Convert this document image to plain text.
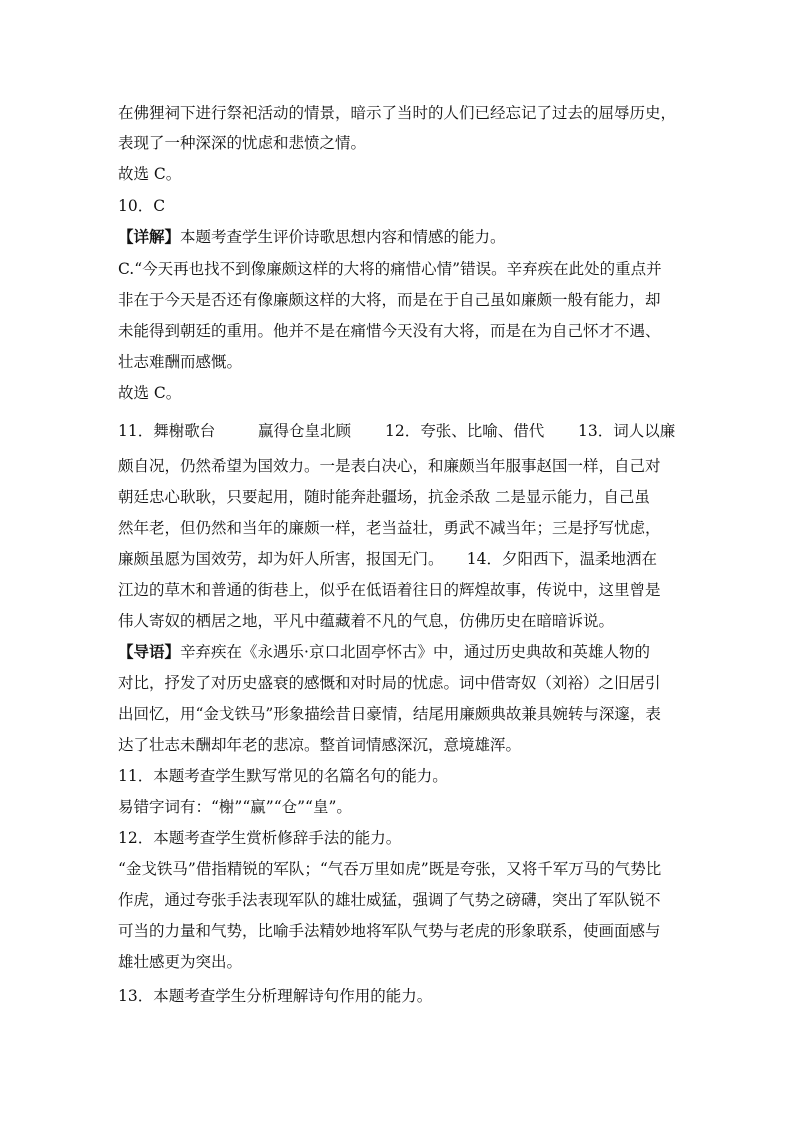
在佛狸祠下进行祭祀活动的情景，暗示了当时的人们已经忘记了过去的屈辱历史，
表现了一种深深的忧虑和悲愤之情。
故选 C。
10．C
【详解】本题考查学生评价诗歌思想内容和情感的能力。
C.“今天再也找不到像廉颇这样的大将的痛惜心情”错误。辛弃疾在此处的重点并
非在于今天是否还有像廉颇这样的大将，而是在于自己虽如廉颇一般有能力，却
未能得到朝廷的重用。他并不是在痛惜今天没有大将，而是在为自己怀才不遇、
壮志难酬而感慨。
故选 C。
11．舞榭歌台	赢得仓皇北顾 12．夸张、比喻、借代 13．词人以廉
颇自况，仍然希望为国效力。一是表白决心，和廉颇当年服事赵国一样，自己对
朝廷忠心耿耿，只要起用，随时能奔赴疆场，抗金杀敌 二是显示能力，自己虽
然年老，但仍然和当年的廉颇一样，老当益壮，勇武不减当年；三是抒写忧虑，
廉颇虽愿为国效劳，却为奸人所害，报国无门。　　14．夕阳西下，温柔地洒在
江边的草木和普通的街巷上，似乎在低语着往日的辉煌故事，传说中，这里曾是
伟人寄奴的栖居之地，平凡中蕴藏着不凡的气息，仿佛历史在暗暗诉说。
【导语】辛弃疾在《永遇乐·京口北固亭怀古》中，通过历史典故和英雄人物的
对比，抒发了对历史盛衰的感慨和对时局的忧虑。词中借寄奴（刘裕）之旧居引
出回忆，用“金戈铁马”形象描绘昔日豪情，结尾用廉颇典故兼具婉转与深邃，表
达了壮志未酬却年老的悲凉。整首词情感深沉，意境雄浑。
11．本题考查学生默写常见的名篇名句的能力。
易错字词有：“榭”“赢”“仓”“皇”。
12．本题考查学生赏析修辞手法的能力。
“金戈铁马”借指精锐的军队；“气吞万里如虎”既是夸张，又将千军万马的气势比
作虎，通过夸张手法表现军队的雄壮威猛，强调了气势之磅礴，突出了军队锐不
可当的力量和气势，比喻手法精妙地将军队气势与老虎的形象联系，使画面感与
雄壮感更为突出。
13．本题考查学生分析理解诗句作用的能力。
